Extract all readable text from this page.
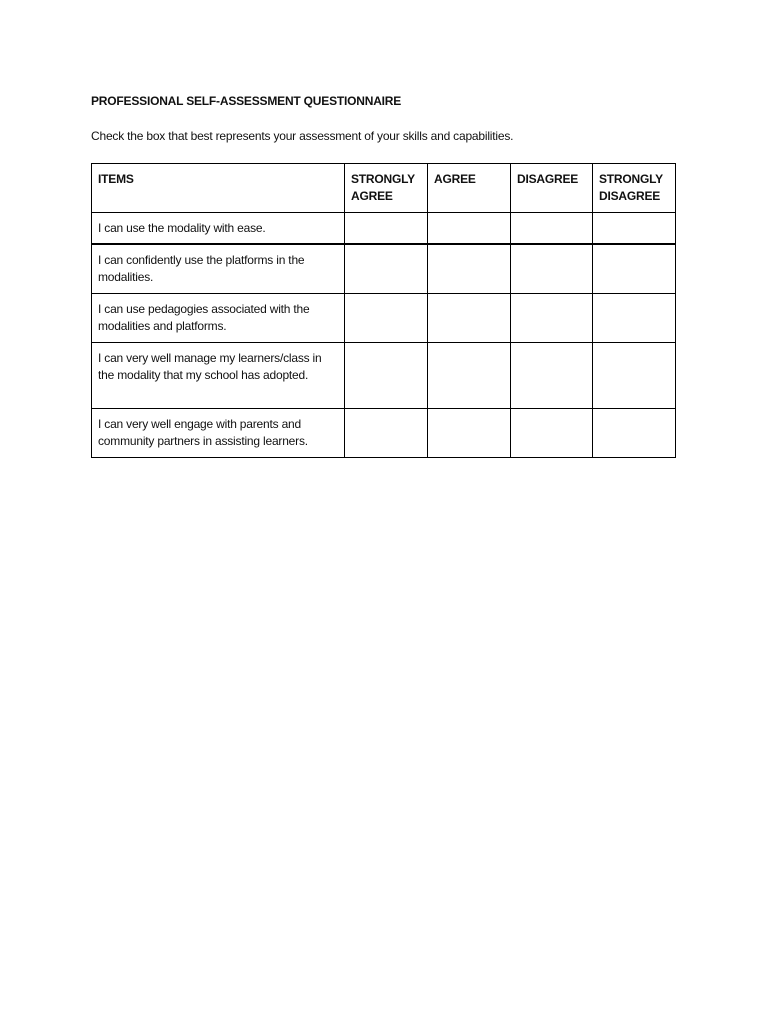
PROFESSIONAL SELF-ASSESSMENT QUESTIONNAIRE
Check the box that best represents your assessment of your skills and capabilities.
ITEMS	STRONGLY AGREE	AGREE	DISAGREE	STRONGLY DISAGREE
I can use the modality with ease.				
I can confidently use the platforms in the modalities.				
I can use pedagogies associated with the modalities and platforms.				
I can very well manage my learners/class in the modality that my school has adopted.				
I can very well engage with parents and community partners in assisting learners.				
